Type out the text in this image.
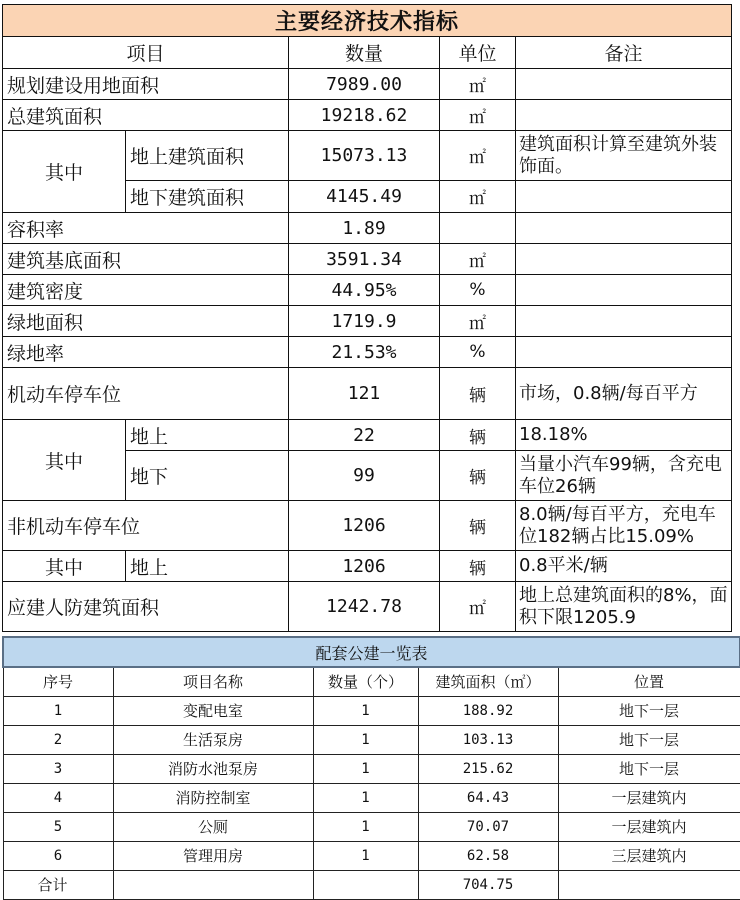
主要经济技术指标				
项目		数量	单位	备注
规划建设用地面积		7989.00	㎡	
总建筑面积		19218.62	㎡	
其中	地上建筑面积	15073.13	㎡	建筑面积计算至建筑外装饰面。
	地下建筑面积	4145.49	㎡	
容积率		1.89		
建筑基底面积		3591.34	㎡	
建筑密度		44.95%	%	
绿地面积		1719.9	㎡	
绿地率		21.53%	%	
机动车停车位		121	辆	市场，0.8辆/每百平方
其中	地上	22	辆	18.18%
	地下	99	辆	当量小汽车99辆，含充电车位26辆
非机动车停车位		1206	辆	8.0辆/每百平方，充电车位182辆占比15.09%
其中	地上	1206	辆	0.8平米/辆
应建人防建筑面积		1242.78	㎡	地上总建筑面积的8%，面积下限1205.9
配套公建一览表				
序号	项目名称	数量（个）	建筑面积（㎡）	位置
1	变配电室	1	188.92	地下一层
2	生活泵房	1	103.13	地下一层
3	消防水池泵房	1	215.62	地下一层
4	消防控制室	1	64.43	一层建筑内
5	公厕	1	70.07	一层建筑内
6	管理用房	1	62.58	三层建筑内
合计			704.75	
